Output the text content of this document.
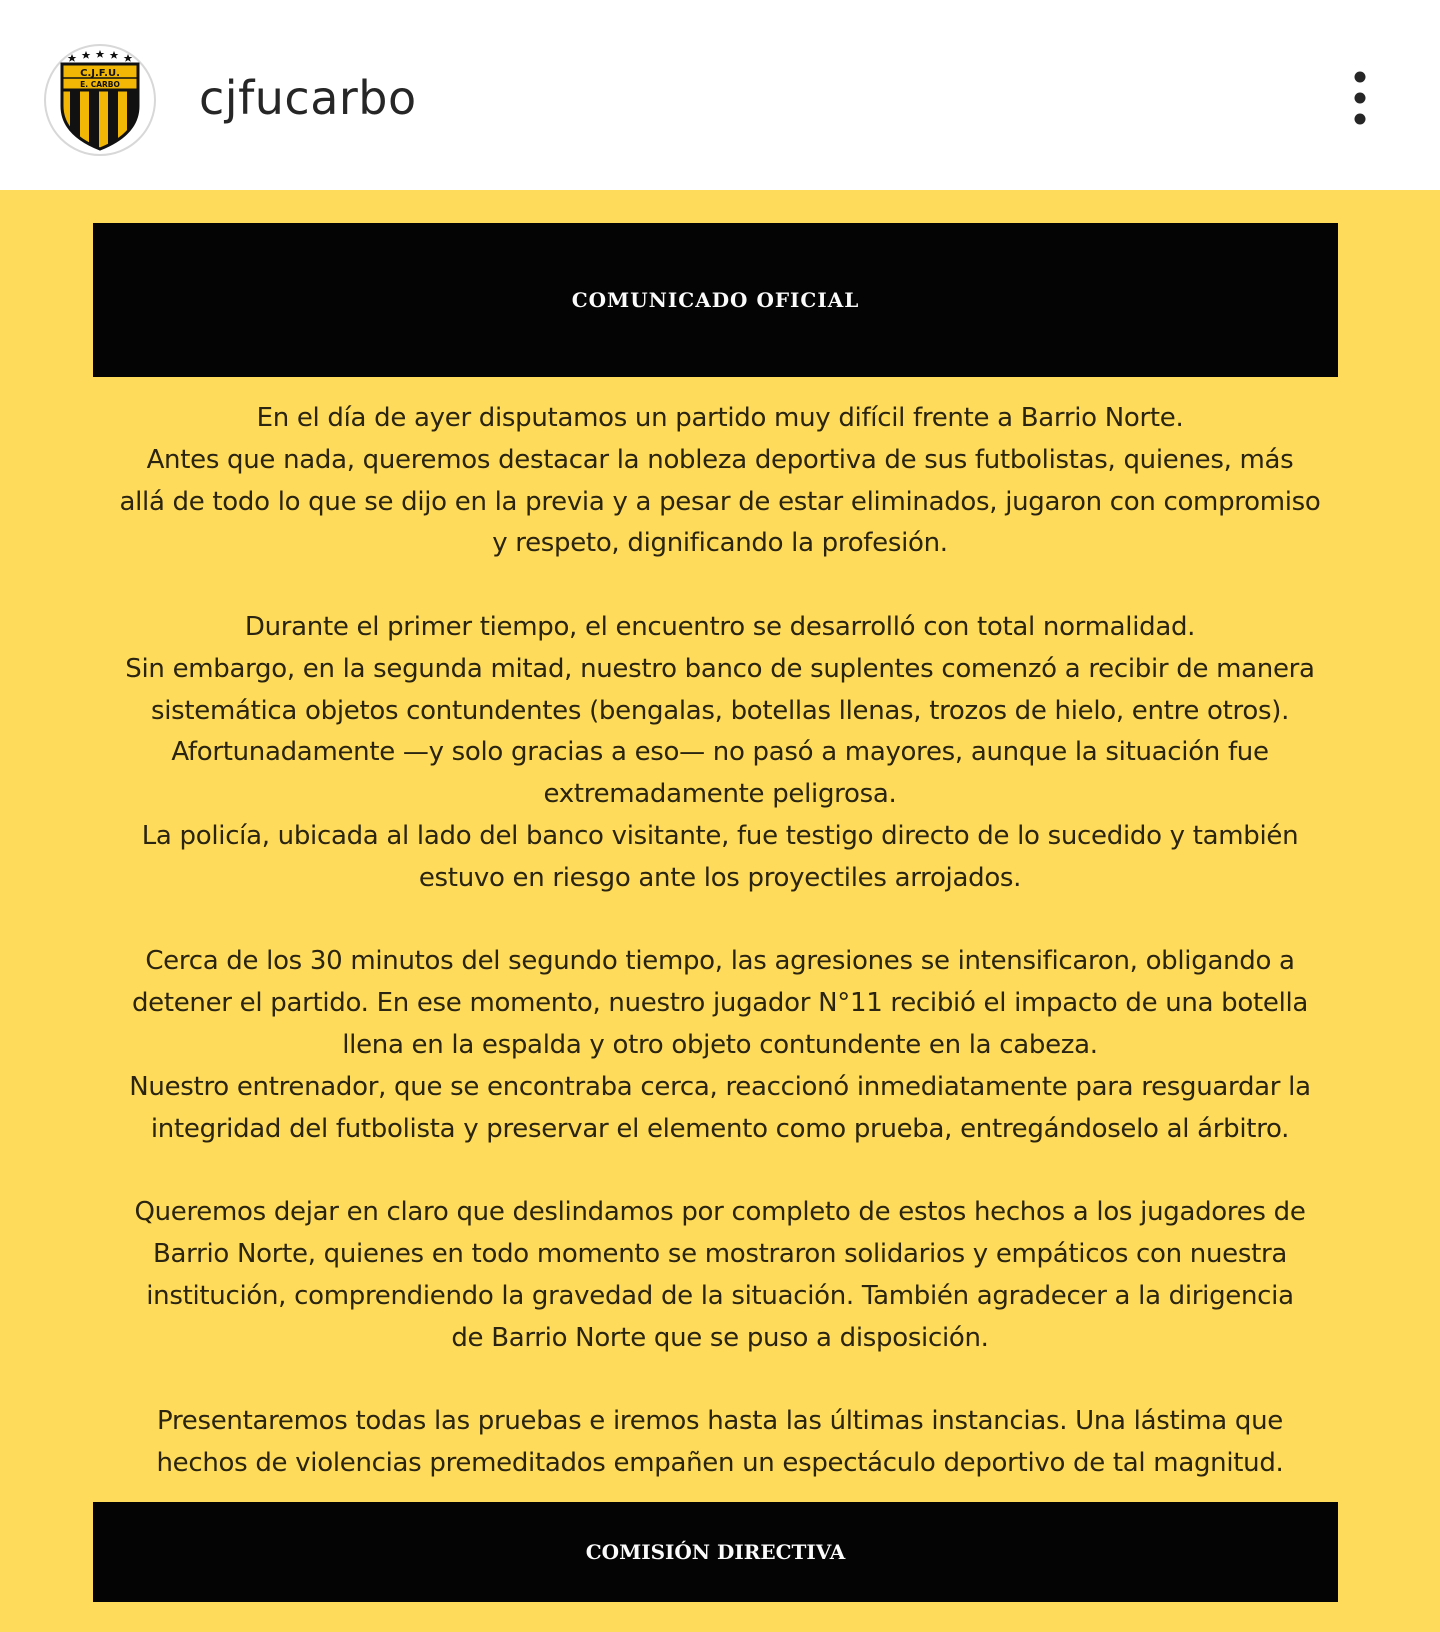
C.J.F.U.
E. CARBO cjfucarbo
COMUNICADO OFICIAL
En el día de ayer disputamos un partido muy difícil frente a Barrio Norte.
Antes que nada, queremos destacar la nobleza deportiva de sus futbolistas, quienes, más
allá de todo lo que se dijo en la previa y a pesar de estar eliminados, jugaron con compromiso
y respeto, dignificando la profesión.
Durante el primer tiempo, el encuentro se desarrolló con total normalidad.
Sin embargo, en la segunda mitad, nuestro banco de suplentes comenzó a recibir de manera
sistemática objetos contundentes (bengalas, botellas llenas, trozos de hielo, entre otros).
Afortunadamente —y solo gracias a eso— no pasó a mayores, aunque la situación fue
extremadamente peligrosa.
La policía, ubicada al lado del banco visitante, fue testigo directo de lo sucedido y también
estuvo en riesgo ante los proyectiles arrojados.
Cerca de los 30 minutos del segundo tiempo, las agresiones se intensificaron, obligando a
detener el partido. En ese momento, nuestro jugador N°11 recibió el impacto de una botella
llena en la espalda y otro objeto contundente en la cabeza.
Nuestro entrenador, que se encontraba cerca, reaccionó inmediatamente para resguardar la
integridad del futbolista y preservar el elemento como prueba, entregándoselo al árbitro.
Queremos dejar en claro que deslindamos por completo de estos hechos a los jugadores de
Barrio Norte, quienes en todo momento se mostraron solidarios y empáticos con nuestra
institución, comprendiendo la gravedad de la situación. También agradecer a la dirigencia
de Barrio Norte que se puso a disposición.
Presentaremos todas las pruebas e iremos hasta las últimas instancias. Una lástima que
hechos de violencias premeditados empañen un espectáculo deportivo de tal magnitud.
COMISIÓN DIRECTIVA
